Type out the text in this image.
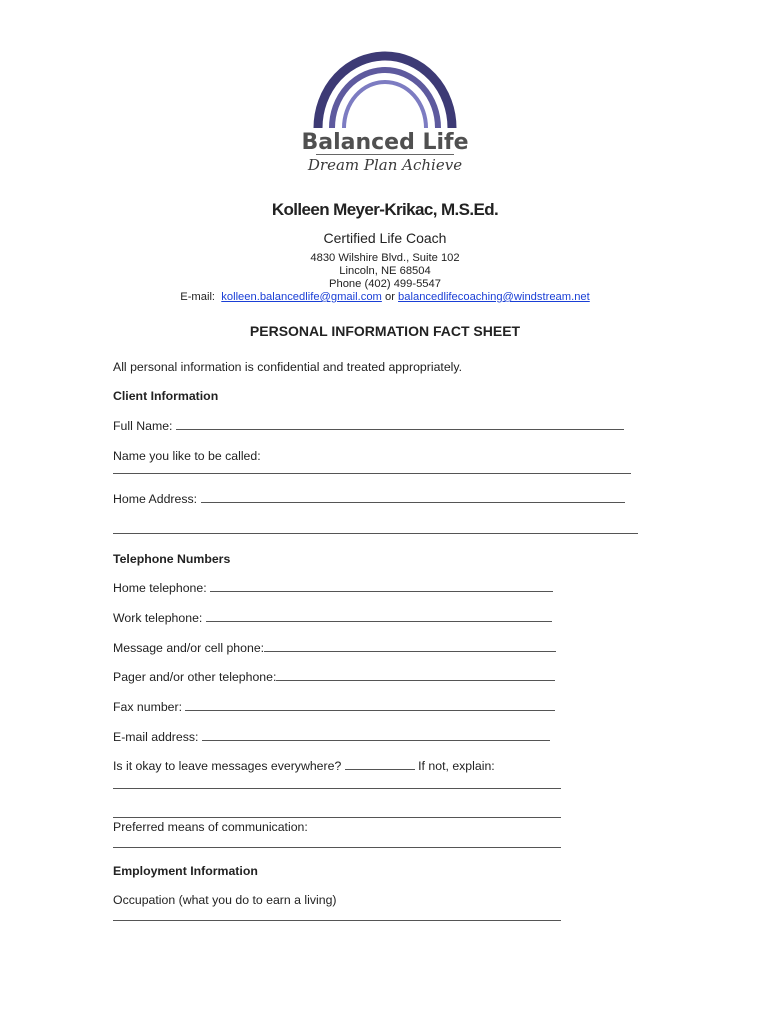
Balanced Life
Dream Plan Achieve
Kolleen Meyer-Krikac, M.S.Ed.
Certified Life Coach
4830 Wilshire Blvd., Suite 102
Lincoln, NE 68504
Phone (402) 499-5547
E-mail: kolleen.balancedlife@gmail.com or balancedlifecoaching@windstream.net
PERSONAL INFORMATION FACT SHEET
All personal information is confidential and treated appropriately.
Client Information
Full Name:
Name you like to be called:
Home Address:
Telephone Numbers
Home telephone:
Work telephone:
Message and/or cell phone:
Pager and/or other telephone:
Fax number:
E-mail address:
Is it okay to leave messages everywhere?	If not, explain:
Preferred means of communication:
Employment Information
Occupation (what you do to earn a living)
